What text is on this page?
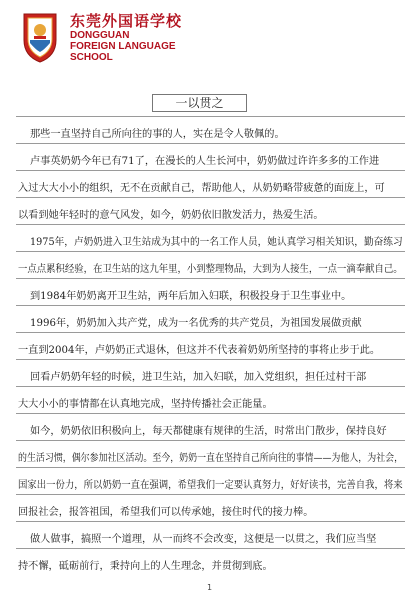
东莞外国语学校
DONGGUAN
FOREIGN LANGUAGE
SCHOOL
一以贯之
那些一直坚持自己所向往的事的人，实在是令人敬佩的。
卢事英奶奶今年已有71了，在漫长的人生长河中，奶奶做过许许多多的工作进
入过大大小小的组织，无不在贡献自己，帮助他人，从奶奶略带疲惫的面庞上，可
以看到她年轻时的意气风发，如今，奶奶依旧散发活力，热爱生活。
1975年，卢奶奶进入卫生站成为其中的一名工作人员，她认真学习相关知识，勤奋练习
一点点累积经验，在卫生站的这九年里，小到整理物品，大到为人接生，一点一滴奉献自己。
到1984年奶奶离开卫生站，两年后加入妇联，积极投身于卫生事业中。
1996年，奶奶加入共产党，成为一名优秀的共产党员，为祖国发展做贡献
一直到2004年，卢奶奶正式退休，但这并不代表着奶奶所坚持的事将止步于此。
回看卢奶奶年轻的时候，进卫生站，加入妇联，加入党组织，担任过村干部
大大小小的事情都在认真地完成，坚持传播社会正能量。
如今，奶奶依旧积极向上，每天都健康有规律的生活，时常出门散步，保持良好
的生活习惯，偶尔参加社区活动。至今，奶奶一直在坚持自己所向往的事情——为他人，为社会，
国家出一份力，所以奶奶一直在强调，希望我们一定要认真努力，好好读书，完善自我，将来
回报社会，报答祖国，希望我们可以传承她，接住时代的接力棒。
做人做事，搞照一个道理，从一而终不会改变，这便是一以贯之，我们应当坚
持不懈，砥砺前行，秉持向上的人生理念，并贯彻到底。
1
